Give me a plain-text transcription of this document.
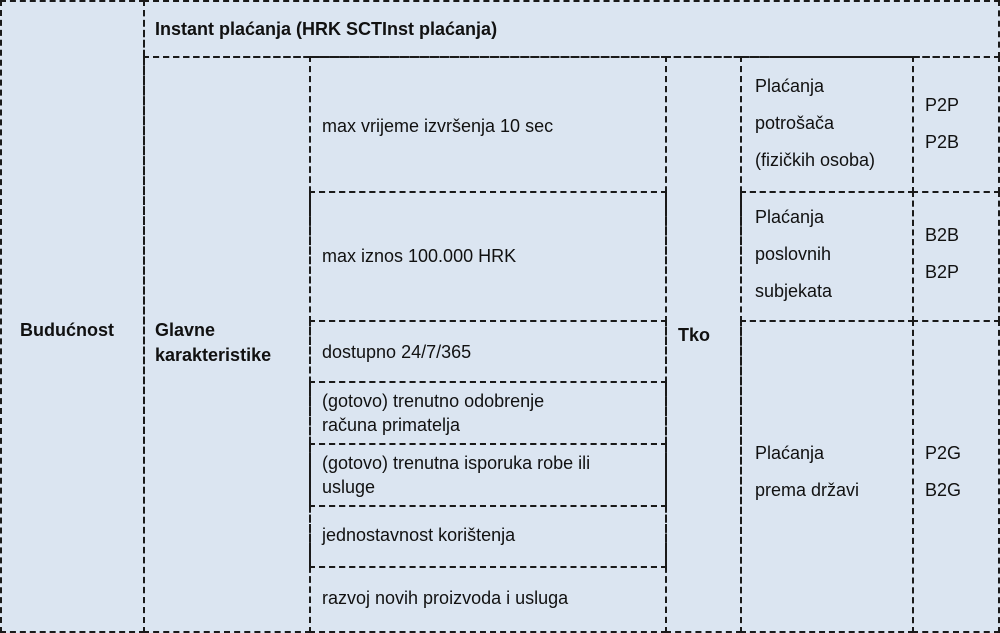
Instant plaćanja (HRK SCTInst plaćanja)
Budućnost Glavne
karakteristike
max vrijeme izvršenja 10 sec
max iznos 100.000 HRK
dostupno 24/7/365
(gotovo) trenutno odobrenje
računa primatelja
(gotovo) trenutna isporuka robe ili
usluge
jednostavnost korištenja
razvoj novih proizvoda i usluga
Tko
Plaćanja
potrošača
(fizičkih osoba)
P2P
P2B
Plaćanja
poslovnih
subjekata
B2B
B2P
Plaćanja
prema državi
P2G
B2G
